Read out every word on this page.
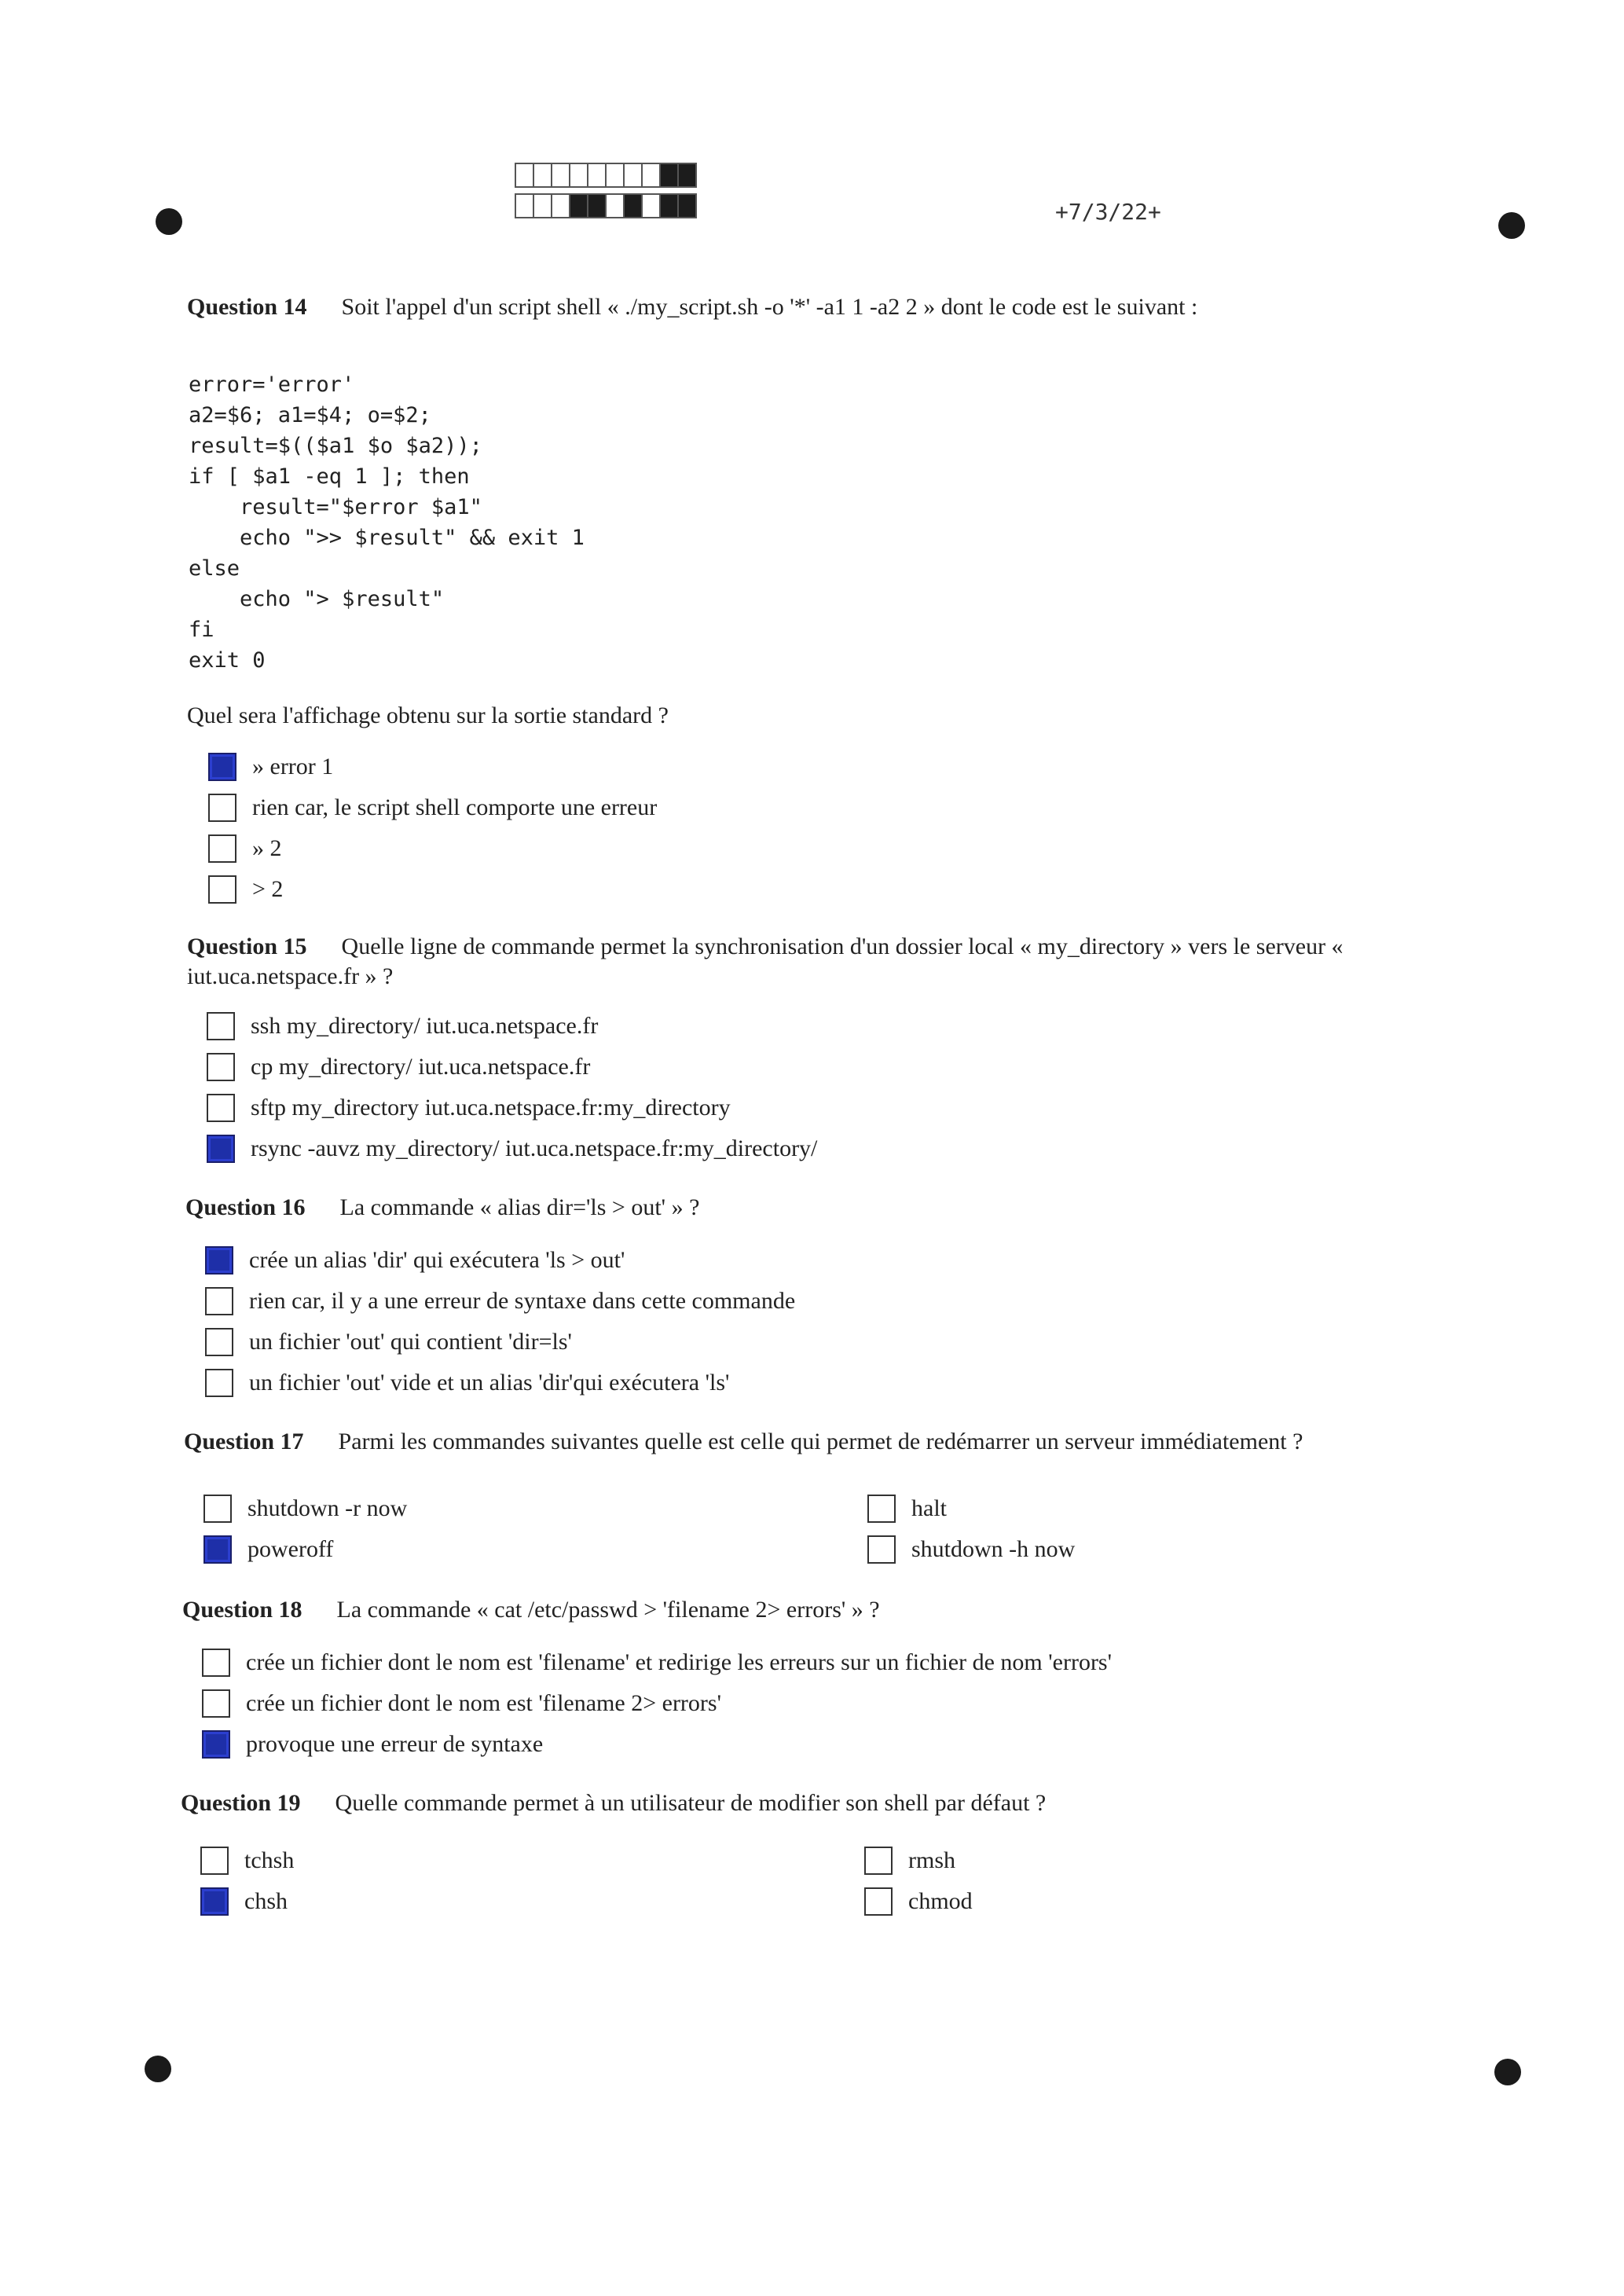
+7/3/22+
Question 14 Soit l'appel d'un script shell « ./my_script.sh -o '*' -a1 1 -a2 2 » dont le code est le suivant :
error='error'
a2=$6; a1=$4; o=$2;
result=$(($a1 $o $a2));
if [ $a1 -eq 1 ]; then
result="$error $a1"
echo ">> $result" && exit 1
else
echo "> $result"
fi
exit 0
Quel sera l'affichage obtenu sur la sortie standard ?
» error 1
rien car, le script shell comporte une erreur
» 2
> 2
Question 15 Quelle ligne de commande permet la synchronisation d'un dossier local « my_directory » vers le serveur « iut.uca.netspace.fr » ?
ssh my_directory/ iut.uca.netspace.fr
cp my_directory/ iut.uca.netspace.fr
sftp my_directory iut.uca.netspace.fr:my_directory
rsync -auvz my_directory/ iut.uca.netspace.fr:my_directory/
Question 16 La commande « alias dir='ls > out' » ?
crée un alias 'dir' qui exécutera 'ls > out'
rien car, il y a une erreur de syntaxe dans cette commande
un fichier 'out' qui contient 'dir=ls'
un fichier 'out' vide et un alias 'dir'qui exécutera 'ls'
Question 17 Parmi les commandes suivantes quelle est celle qui permet de redémarrer un serveur immédiatement ?
shutdown -r now	halt
poweroff	shutdown -h now
Question 18 La commande « cat /etc/passwd > 'filename 2> errors' » ?
crée un fichier dont le nom est 'filename' et redirige les erreurs sur un fichier de nom 'errors'
crée un fichier dont le nom est 'filename 2> errors'
provoque une erreur de syntaxe
Question 19 Quelle commande permet à un utilisateur de modifier son shell par défaut ?
tchsh	rmsh
chsh	chmod
